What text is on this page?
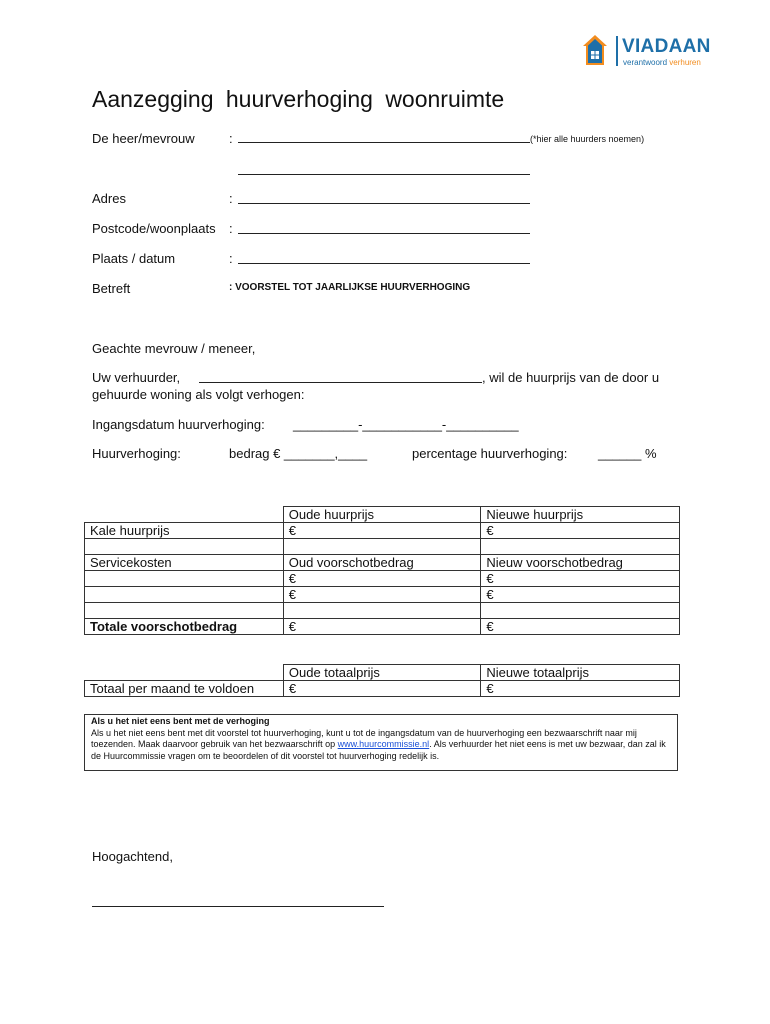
VIADAAN
verantwoord verhuren
Aanzegging huurverhoging woonruimte
De heer/mevrouw	:	(*hier alle huurders noemen)
Adres	:
Postcode/woonplaats :
Plaats / datum	:
Betreft	: VOORSTEL TOT JAARLIJKSE HUURVERHOGING
Geachte mevrouw / meneer,
Uw verhuurder,	, wil de huurprijs van de door u
gehuurde woning als volgt verhogen:
Ingangsdatum huurverhoging: _________-___________-__________
Huurverhoging:	bedrag € _______,____	percentage huurverhoging: ______ %
	Oude huurprijs	Nieuwe huurprijs
Kale huurprijs	€	€

Servicekosten	Oud voorschotbedrag	Nieuw voorschotbedrag
	€	€
	€	€

Totale voorschotbedrag	€	€
	Oude totaalprijs	Nieuwe totaalprijs
Totaal per maand te voldoen	€	€
Als u het niet eens bent met de verhoging
Als u het niet eens bent met dit voorstel tot huurverhoging, kunt u tot de ingangsdatum van de huurverhoging een bezwaarschrift naar mij toezenden. Maak daarvoor gebruik van het bezwaarschrift op www.huurcommissie.nl. Als verhuurder het niet eens is met uw bezwaar, dan zal ik de Huurcommissie vragen om te beoordelen of dit voorstel tot huurverhoging redelijk is.
Hoogachtend,
